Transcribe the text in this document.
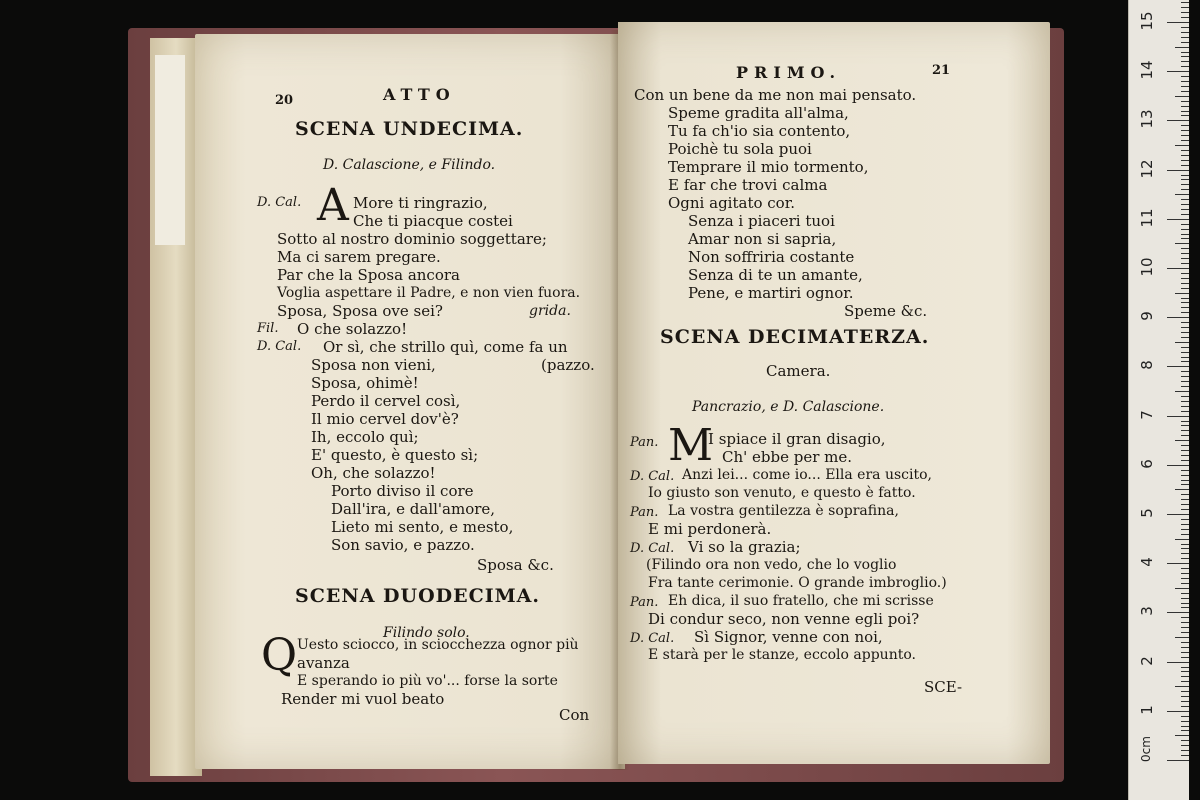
20	ATTO
SCENA UNDECIMA.
D. Calascione, e Filindo.
D. Cal. A More ti ringrazio,
Che ti piacque costei
Sotto al nostro dominio soggettare;
Ma ci sarem pregare.
Par che la Sposa ancora
Voglia aspettare il Padre, e non vien fuora.
Sposa, Sposa ove sei?	grida.
Fil. O che solazzo!
D. Cal. Or sì, che strillo quì, come fa un
Sposa non vieni,	(pazzo.
Sposa, ohimè!
Perdo il cervel così,
Il mio cervel dov'è?
Ih, eccolo quì;
E' questo, è questo sì;
Oh, che solazzo!
Porto diviso il core
Dall'ira, e dall'amore,
Lieto mi sento, e mesto,
Son savio, e pazzo.
Sposa &c.
SCENA DUODECIMA.
Filindo solo.
Q Uesto sciocco, in sciocchezza ognor più
avanza
E sperando io più vo'... forse la sorte
Render mi vuol beato
Con
PRIMO.	21
Con un bene da me non mai pensato.
Speme gradita all'alma,
Tu fa ch'io sia contento,
Poichè tu sola puoi
Temprare il mio tormento,
E far che trovi calma
Ogni agitato cor.
Senza i piaceri tuoi
Amar non si sapria,
Non soffriria costante
Senza di te un amante,
Pene, e martiri ognor.
Speme &c.
SCENA DECIMATERZA.
Camera.
Pancrazio, e D. Calascione.
Pan. M
I spiace il gran disagio,
Ch' ebbe per me.
D. Cal. Anzi lei... come io... Ella era uscito,
Io giusto son venuto, e questo è fatto.
Pan. La vostra gentilezza è soprafina,
E mi perdonerà.
D. Cal. Vi so la grazia;
(Filindo ora non vedo, che lo voglio
Fra tante cerimonie. O grande imbroglio.)
Pan. Eh dica, il suo fratello, che mi scrisse
Di condur seco, non venne egli poi?
D. Cal. Sì Signor, venne con noi,
E starà per le stanze, eccolo appunto.
SCE-
1
2
3
4
5
6
7
8
9
10
11
12
13
14
15
0cm
